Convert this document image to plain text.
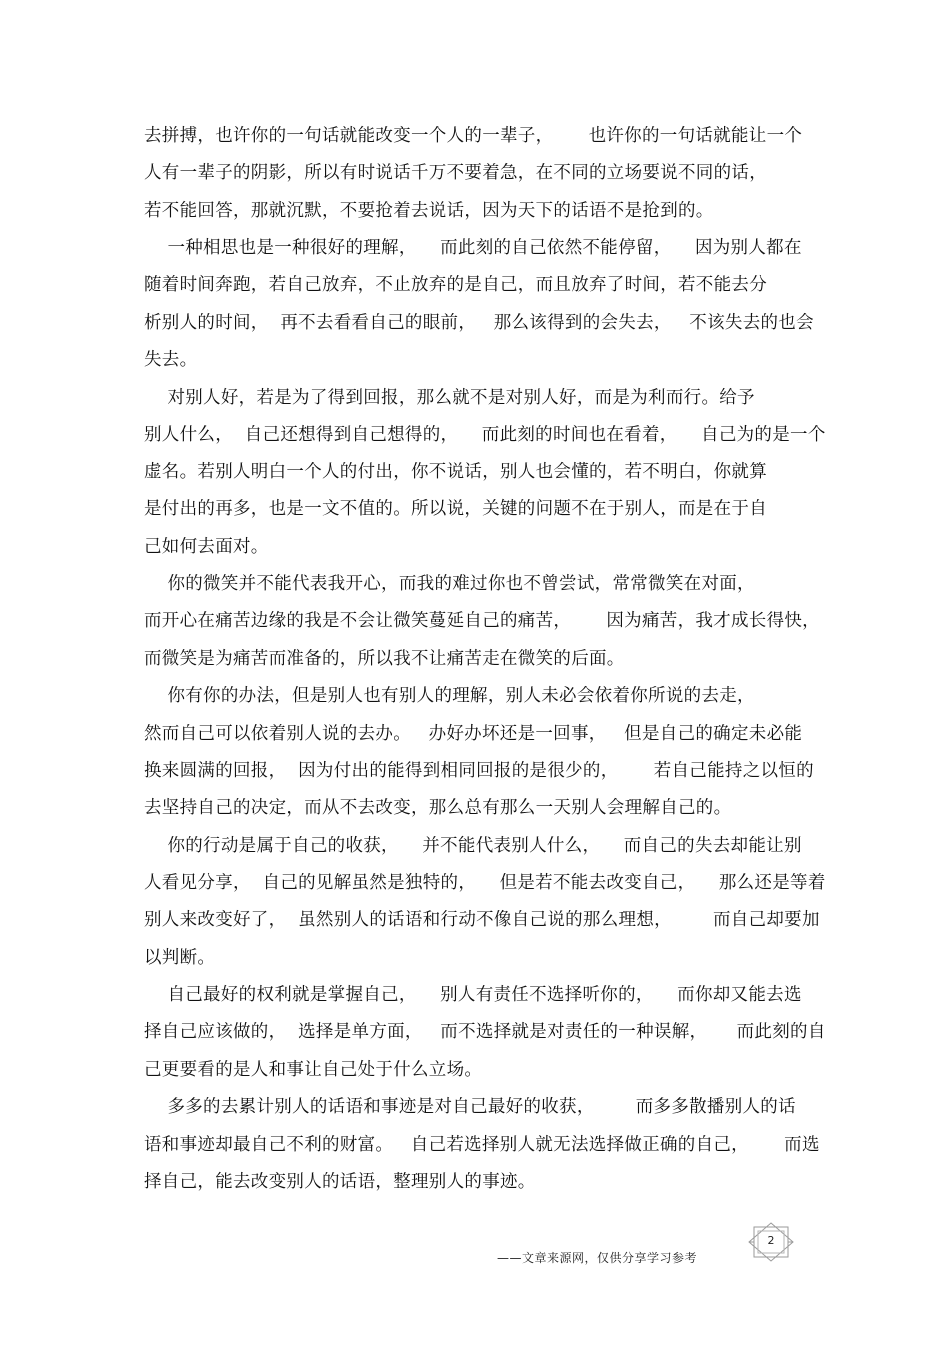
去拼搏，也许你的一句话就能改变一个人的一辈子，      也许你的一句话就能让一个
人有一辈子的阴影，所以有时说话千万不要着急，在不同的立场要说不同的话，
若不能回答，那就沉默，不要抢着去说话，因为天下的话语不是抢到的。
一种相思也是一种很好的理解，    而此刻的自己依然不能停留，    因为别人都在
随着时间奔跑，若自己放弃，不止放弃的是自己，而且放弃了时间，若不能去分
析别人的时间，  再不去看看自己的眼前，   那么该得到的会失去，   不该失去的也会
失去。
对别人好，若是为了得到回报，那么就不是对别人好，而是为利而行。给予
别人什么，  自己还想得到自己想得的，    而此刻的时间也在看着，    自己为的是一个
虚名。若别人明白一个人的付出，你不说话，别人也会懂的，若不明白，你就算
是付出的再多，也是一文不值的。所以说，关键的问题不在于别人，而是在于自
己如何去面对。
你的微笑并不能代表我开心，而我的难过你也不曾尝试，常常微笑在对面，
而开心在痛苦边缘的我是不会让微笑蔓延自己的痛苦，      因为痛苦，我才成长得快，
而微笑是为痛苦而准备的，所以我不让痛苦走在微笑的后面。
你有你的办法，但是别人也有别人的理解，别人未必会依着你所说的去走，
然而自己可以依着别人说的去办。   办好办坏还是一回事，   但是自己的确定未必能
换来圆满的回报，  因为付出的能得到相同回报的是很少的，      若自己能持之以恒的
去坚持自己的决定，而从不去改变，那么总有那么一天别人会理解自己的。
你的行动是属于自己的收获，    并不能代表别人什么，    而自己的失去却能让别
人看见分享，  自己的见解虽然是独特的，    但是若不能去改变自己，    那么还是等着
别人来改变好了，  虽然别人的话语和行动不像自己说的那么理想，       而自己却要加
以判断。
自己最好的权利就是掌握自己，    别人有责任不选择听你的，    而你却又能去选
择自己应该做的，  选择是单方面，   而不选择就是对责任的一种误解，     而此刻的自
己更要看的是人和事让自己处于什么立场。
多多的去累计别人的话语和事迹是对自己最好的收获，       而多多散播别人的话
语和事迹却最自己不利的财富。   自己若选择别人就无法选择做正确的自己，      而选
择自己，能去改变别人的话语，整理别人的事迹。
——文章来源网，仅供分享学习参考
2
